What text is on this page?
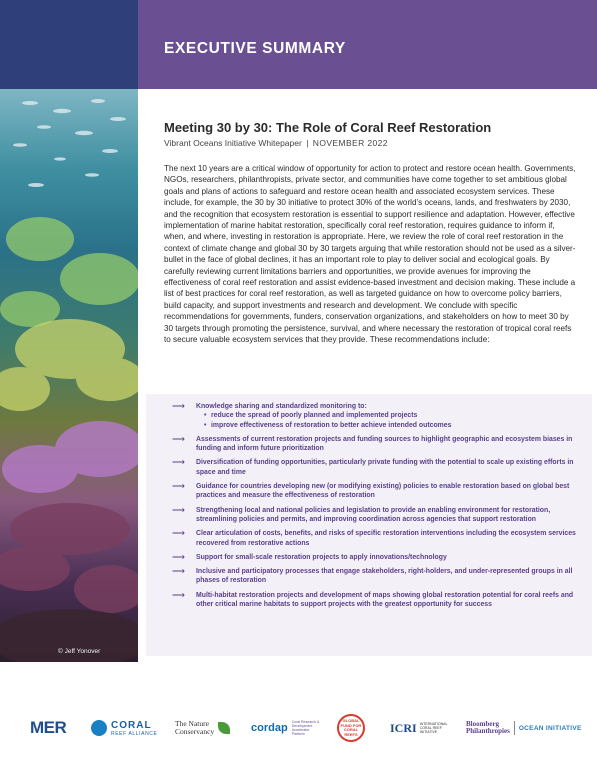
EXECUTIVE SUMMARY
© Jeff Yonover
Meeting 30 by 30: The Role of Coral Reef Restoration
Vibrant Oceans Initiative Whitepaper | NOVEMBER 2022
The next 10 years are a critical window of opportunity for action to protect and restore ocean health. Governments, NGOs, researchers, philanthropists, private sector, and communities have come together to set ambitious global goals and plans of actions to safeguard and restore ocean health and associated ecosystem services. These include, for example, the 30 by 30 initiative to protect 30% of the world’s oceans, lands, and freshwaters by 2030, and the recognition that ecosystem restoration is essential to support resilience and adaptation. However, effective implementation of marine habitat restoration, specifically coral reef restoration, requires guidance to inform if, when, and where, investing in restoration is appropriate. Here, we review the role of coral reef restoration in the context of climate change and global 30 by 30 targets arguing that while restoration should not be used as a silver-bullet in the face of global declines, it has an important role to play to deliver social and ecological goals. By carefully reviewing current limitations barriers and opportunities, we provide avenues for improving the effectiveness of coral reef restoration and assist evidence-based investment and decision making. These include a list of best practices for coral reef restoration, as well as targeted guidance on how to overcome policy barriers, build capacity, and support investments and research and development. We conclude with specific recommendations for governments, funders, conservation organizations, and stakeholders on how to meet 30 by 30 targets through promoting the persistence, survival, and where necessary the restoration of tropical coral reefs to secure valuable ecosystem services that they provide. These recommendations include:
⟶ Knowledge sharing and standardized monitoring to:
• reduce the spread of poorly planned and implemented projects
• improve effectiveness of restoration to better achieve intended outcomes
⟶ Assessments of current restoration projects and funding sources to highlight geographic and ecosystem biases in funding and inform future prioritization
⟶ Diversification of funding opportunities, particularly private funding with the potential to scale up existing efforts in space and time
⟶ Guidance for countries developing new (or modifying existing) policies to enable restoration based on global best practices and measure the effectiveness of restoration
⟶ Strengthening local and national policies and legislation to provide an enabling environment for restoration, streamlining policies and permits, and improving coordination across agencies that support restoration
⟶ Clear articulation of costs, benefits, and risks of specific restoration interventions including the ecosystem services recovered from restorative actions
⟶ Support for small-scale restoration projects to apply innovations/technology
⟶ Inclusive and participatory processes that engage stakeholders, right-holders, and under-represented groups in all phases of restoration
⟶ Multi-habitat restoration projects and development of maps showing global restoration potential for coral reefs and other critical marine habitats to support projects with the greatest opportunity for success
MER	CORAL
REEF ALLIANCE
The Nature
Conservancy	cordap Coral Research & Development Accelerator Platform
GLOBAL FUND FOR CORAL REEFS	ICRI INTERNATIONAL CORAL REEF INITIATIVE
Bloomberg
Philanthropies OCEAN INITIATIVE
